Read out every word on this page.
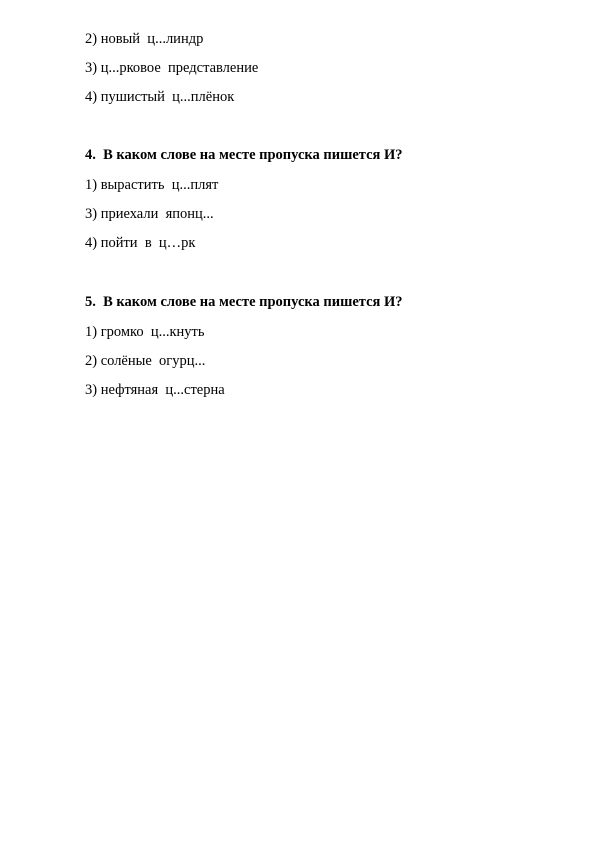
2) новый  ц...линдр
3) ц...рковое  представление
4) пушистый  ц...плёнок
4.  В каком слове на месте пропуска пишется И?
1) вырастить  ц...плят
3) приехали  японц...
4) пойти  в  ц…рк
5.  В каком слове на месте пропуска пишется И?
1) громко  ц...кнуть
2) солёные  огурц...
3) нефтяная  ц...стерна
